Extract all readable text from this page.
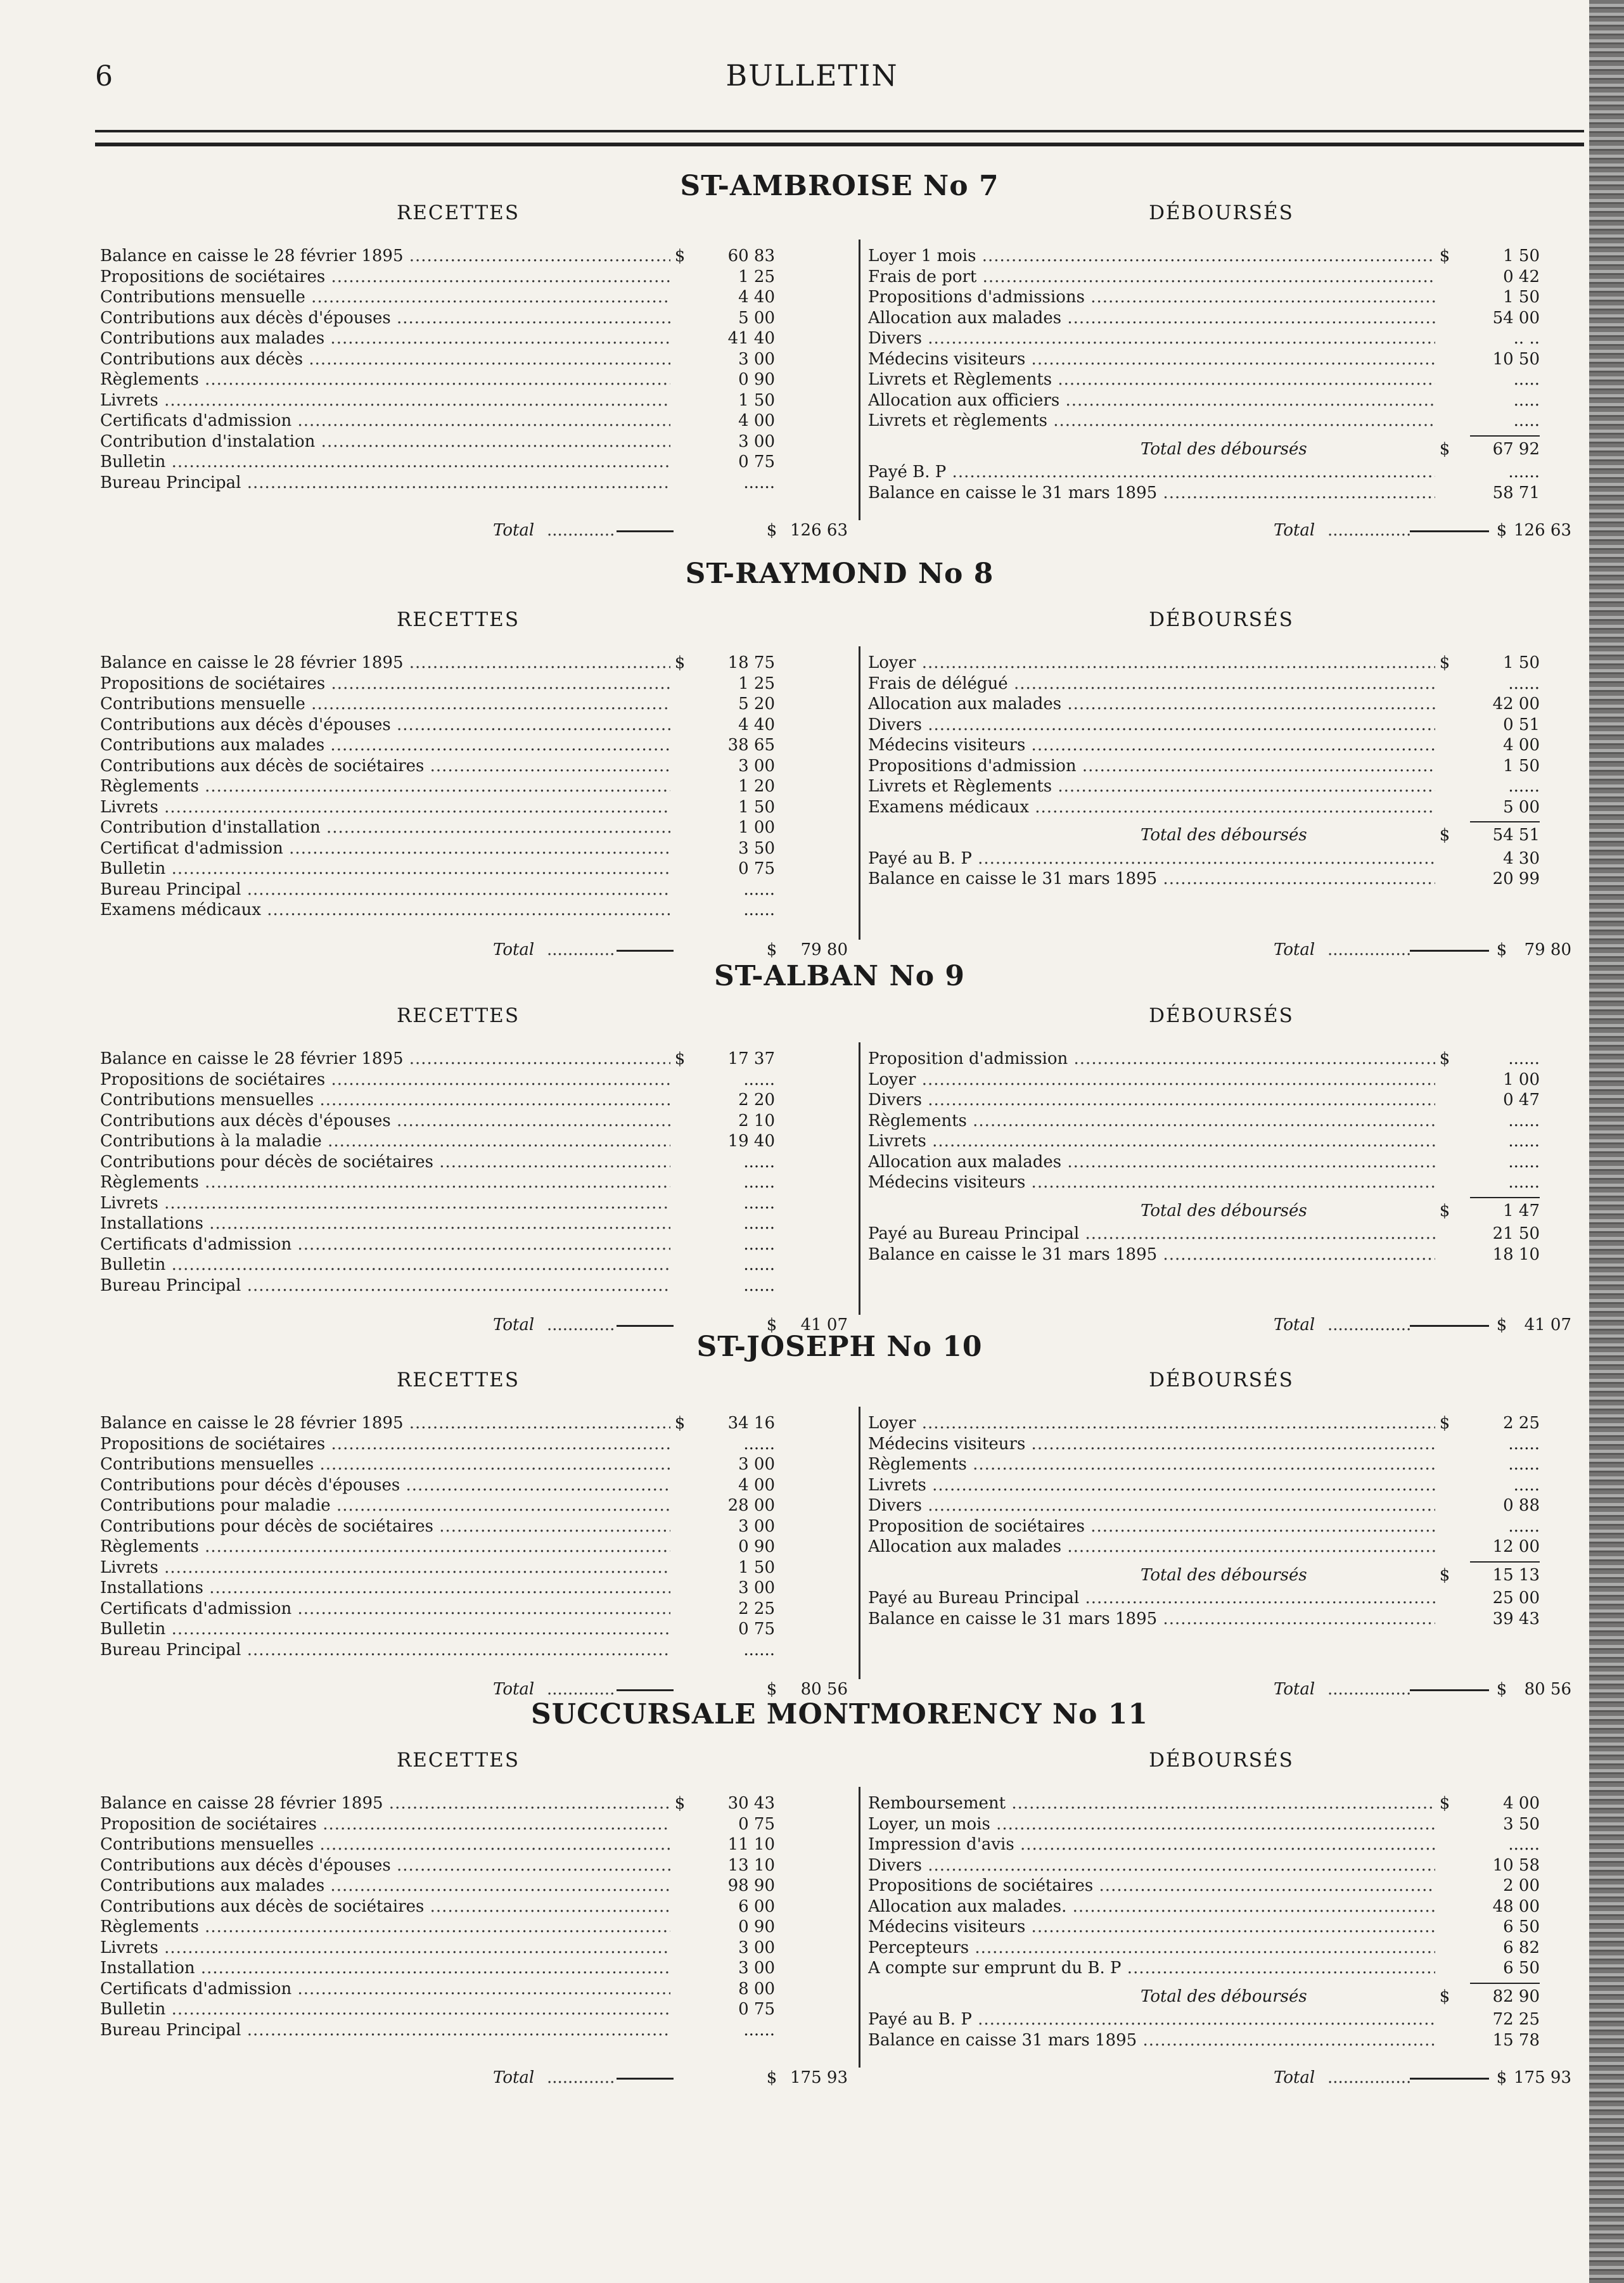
6	BULLETIN
ST-AMBROISE No 7
RECETTES
Balance en caisse le 28 février 1895 .....	$	60 83
Propositions de sociétaires .....	1 25
Contributions mensuelle .....	4 40
Contributions aux décès d'épouses .....	5 00
Contributions aux malades .....	41 40
Contributions aux décès .....	3 00
Règlements .....	0 90
Livrets .....	1 50
Certificats d'admission .....	4 00
Contribution d'instalation .....	3 00
Bulletin .....	0 75
Bureau Principal .....	......
Total .....	$ 126 63
DÉBOURSÉS
Loyer 1 mois .....	$	1 50
Frais de port .....	0 42
Propositions d'admissions .....	1 50
Allocation aux malades .....	54 00
Divers .....	.. ..
Médecins visiteurs .....	10 50
Livrets et Règlements .....	.....
Allocation aux officiers .....	.....
Livrets et règlements .....	.....
Total des déboursés	$	67 92
Payé B. P .....	......
Balance en caisse le 31 mars 1895 .....	58 71
Total .....	$ 126 63
ST-RAYMOND No 8
RECETTES
Balance en caisse le 28 février 1895 .....	$	18 75
Propositions de sociétaires .....	1 25
Contributions mensuelle .....	5 20
Contributions aux décès d'épouses .....	4 40
Contributions aux malades .....	38 65
Contributions aux décès de sociétaires .....	3 00
Règlements .....	1 20
Livrets .....	1 50
Contribution d'installation .....	1 00
Certificat d'admission .....	3 50
Bulletin .....	0 75
Bureau Principal .....	......
Examens médicaux .....	......
Total .....	$	79 80
DÉBOURSÉS
Loyer .....	$	1 50
Frais de délégué .....	......
Allocation aux malades .....	42 00
Divers .....	0 51
Médecins visiteurs .....	4 00
Propositions d'admission .....	1 50
Livrets et Règlements .....	......
Examens médicaux .....	5 00
Total des déboursés	$	54 51
Payé au B. P .....	4 30
Balance en caisse le 31 mars 1895 .....	20 99
Total .....	$	79 80
ST-ALBAN No 9
RECETTES
Balance en caisse le 28 février 1895 .....	$	17 37
Propositions de sociétaires .....	......
Contributions mensuelles .....	2 20
Contributions aux décès d'épouses .....	2 10
Contributions à la maladie .....	19 40
Contributions pour décès de sociétaires .....	......
Règlements .....	......
Livrets .....	......
Installations .....	......
Certificats d'admission .....	......
Bulletin .....	......
Bureau Principal .....	......
Total .....	$	41 07
DÉBOURSÉS
Proposition d'admission .....	$	......
Loyer .....	1 00
Divers .....	0 47
Règlements .....	......
Livrets .....	......
Allocation aux malades .....	......
Médecins visiteurs .....	......
Total des déboursés	$	1 47
Payé au Bureau Principal .....	21 50
Balance en caisse le 31 mars 1895 .....	18 10
Total .....	$	41 07
ST-JOSEPH No 10
RECETTES
Balance en caisse le 28 février 1895 .....	$	34 16
Propositions de sociétaires .....	......
Contributions mensuelles .....	3 00
Contributions pour décès d'épouses .....	4 00
Contributions pour maladie .....	28 00
Contributions pour décès de sociétaires .....	3 00
Règlements .....	0 90
Livrets .....	1 50
Installations .....	3 00
Certificats d'admission .....	2 25
Bulletin .....	0 75
Bureau Principal .....	......
Total .....	$	80 56
DÉBOURSÉS
Loyer .....	$	2 25
Médecins visiteurs .....	......
Règlements .....	......
Livrets .....	.....
Divers .....	0 88
Proposition de sociétaires .....	......
Allocation aux malades .....	12 00
Total des déboursés	$	15 13
Payé au Bureau Principal .....	25 00
Balance en caisse le 31 mars 1895 .....	39 43
Total .....	$	80 56
SUCCURSALE MONTMORENCY No 11
RECETTES
Balance en caisse 28 février 1895 .....	$	30 43
Proposition de sociétaires .....	0 75
Contributions mensuelles .....	11 10
Contributions aux décès d'épouses .....	13 10
Contributions aux malades .....	98 90
Contributions aux décès de sociétaires .....	6 00
Règlements .....	0 90
Livrets .....	3 00
Installation .....	3 00
Certificats d'admission .....	8 00
Bulletin .....	0 75
Bureau Principal .....	......
Total .....	$ 175 93
DÉBOURSÉS
Remboursement .....	$	4 00
Loyer, un mois .....	3 50
Impression d'avis .....	......
Divers .....	10 58
Propositions de sociétaires .....	2 00
Allocation aux malades. .....	48 00
Médecins visiteurs .....	6 50
Percepteurs .....	6 82
A compte sur emprunt du B. P .....	6 50
Total des déboursés	$	82 90
Payé au B. P .....	72 25
Balance en caisse 31 mars 1895 .....	15 78
Total .....	$ 175 93
